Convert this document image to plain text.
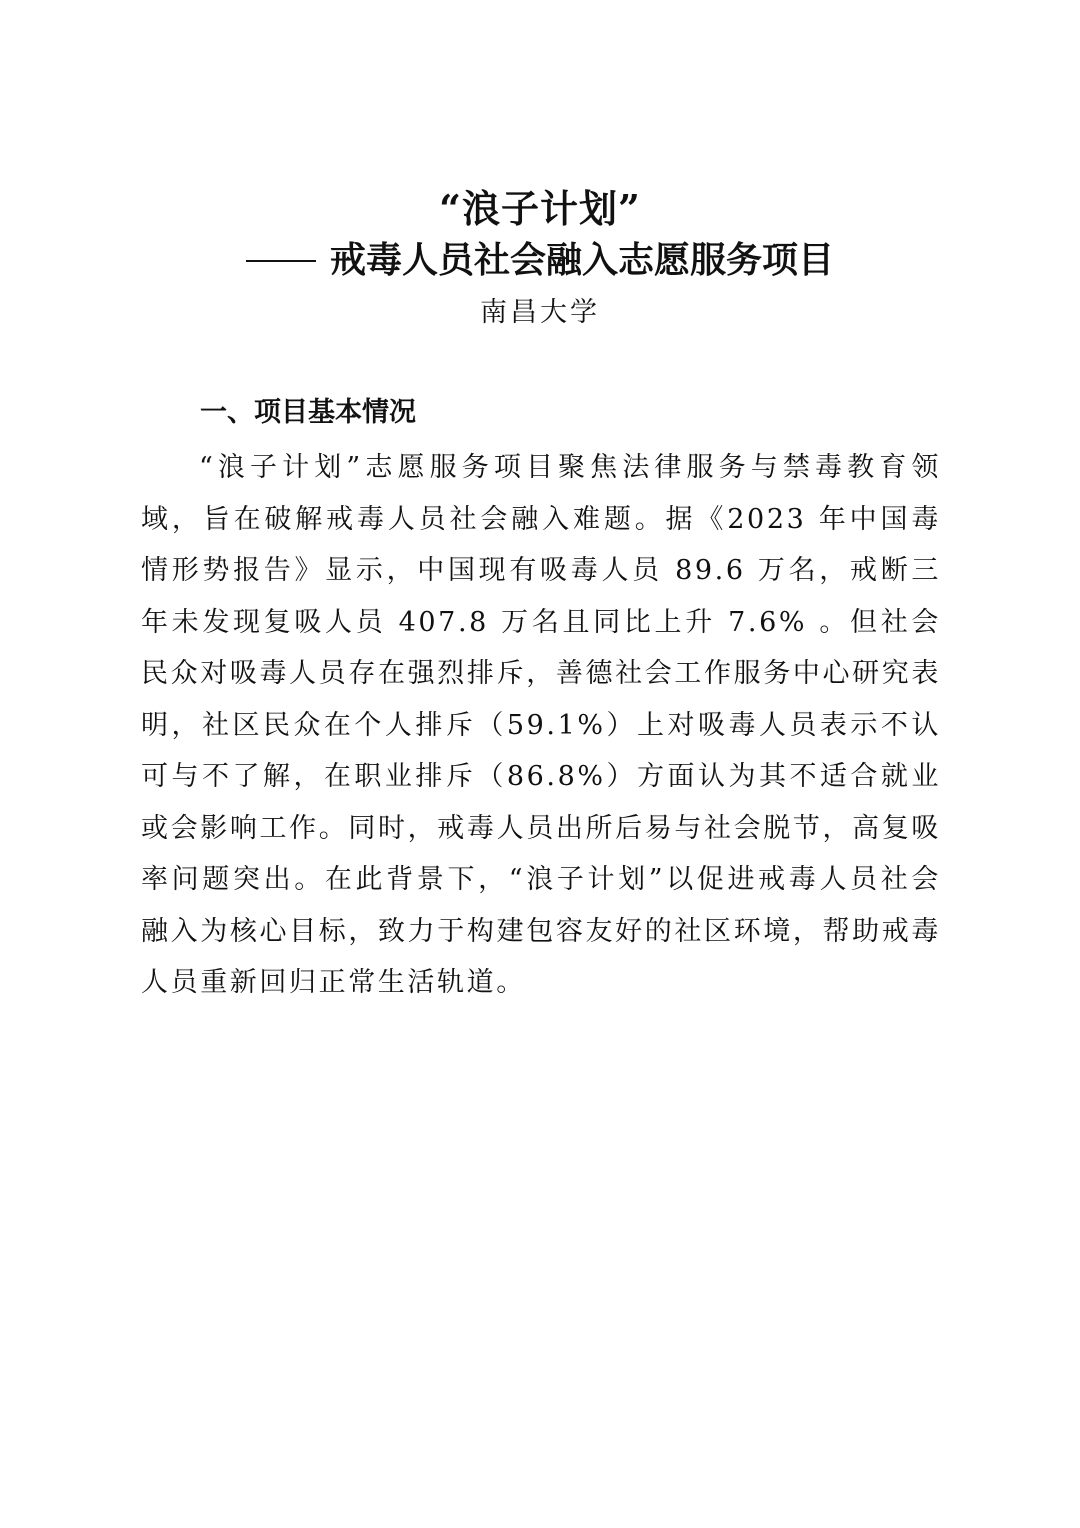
“浪子计划”
戒毒人员社会融入志愿服务项目
南昌大学
一、项目基本情况

“浪子计划”志愿服务项目聚焦法律服务与禁毒教育领域，旨在破解戒毒人员社会融入难题。据《2023 年中国毒情形势报告》显示，中国现有吸毒人员 89.6 万名，戒断三年未发现复吸人员 407.8 万名且同比上升 7.6% 。但社会民众对吸毒人员存在强烈排斥，善德社会工作服务中心研究表明，社区民众在个人排斥（59.1%）上对吸毒人员表示不认可与不了解，在职业排斥（86.8%）方面认为其不适合就业或会影响工作。同时，戒毒人员出所后易与社会脱节，高复吸率问题突出。在此背景下，“浪子计划”以促进戒毒人员社会融入为核心目标，致力于构建包容友好的社区环境，帮助戒毒人员重新回归正常生活轨道。
